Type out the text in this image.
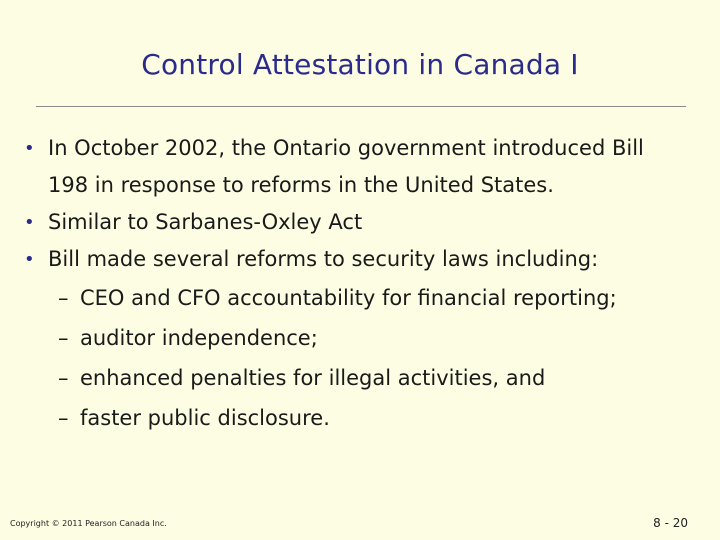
Control Attestation in Canada I
• In October 2002, the Ontario government introduced Bill
198 in response to reforms in the United States.
• Similar to Sarbanes-Oxley Act
• Bill made several reforms to security laws including:
– CEO and CFO accountability for financial reporting;
– auditor independence;
– enhanced penalties for illegal activities, and
– faster public disclosure.
Copyright © 2011 Pearson Canada Inc.	8 - 20
